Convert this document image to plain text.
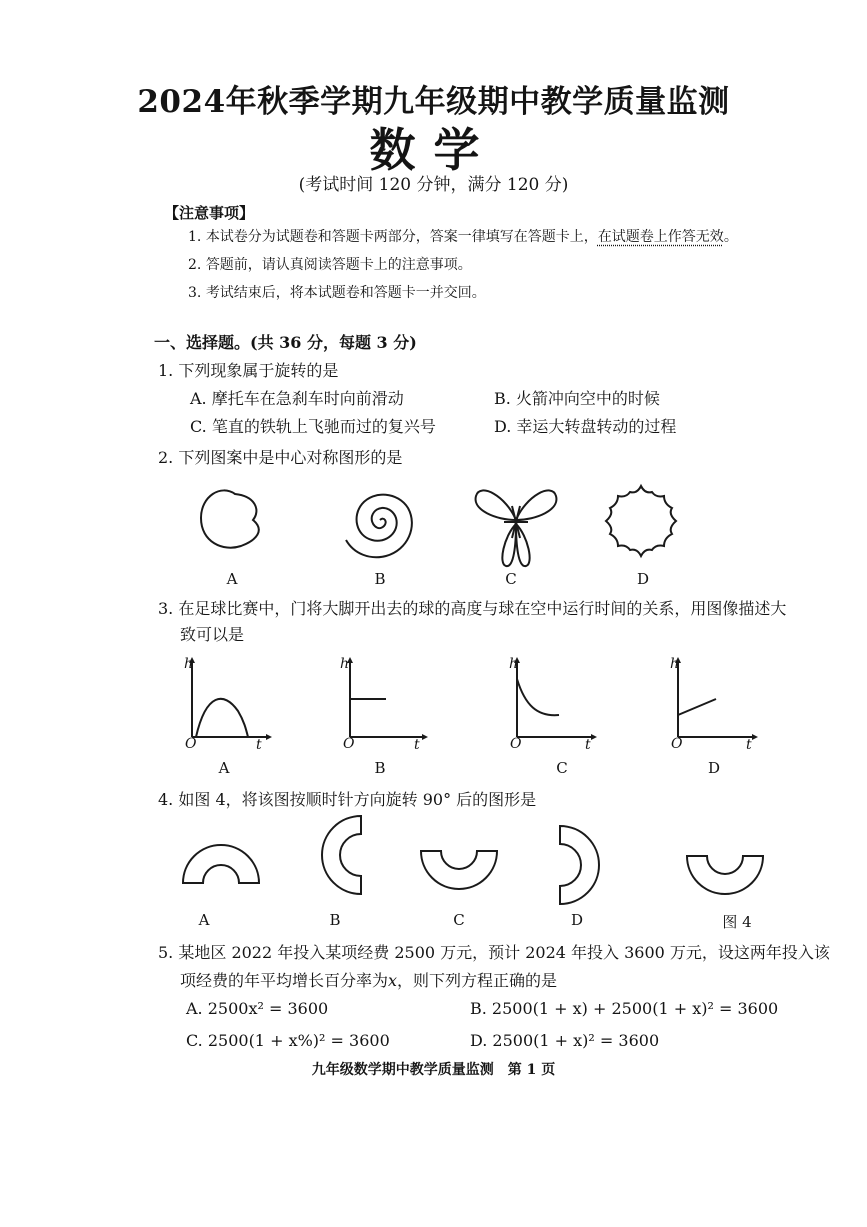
2024年秋季学期九年级期中教学质量监测
数学
(考试时间 120 分钟，满分 120 分)
【注意事项】
1. 本试卷分为试题卷和答题卡两部分，答案一律填写在答题卡上，在试题卷上作答无效。
2. 答题前，请认真阅读答题卡上的注意事项。
3. 考试结束后，将本试题卷和答题卡一并交回。
一、选择题。(共 36 分，每题 3 分)
1. 下列现象属于旋转的是
A. 摩托车在急刹车时向前滑动	B. 火箭冲向空中的时候
C. 笔直的铁轨上飞驰而过的复兴号	D. 幸运大转盘转动的过程
2. 下列图案中是中心对称图形的是
A	B	C	D
3. 在足球比赛中，门将大脚开出去的球的高度与球在空中运行时间的关系，用图像描述大
致可以是
h
t
O
h
t
O
h
t
O
h
t
O
A	B	C	D
4. 如图 4，将该图按顺时针方向旋转 90° 后的图形是
A	B	C	D	图 4
5. 某地区 2022 年投入某项经费 2500 万元，预计 2024 年投入 3600 万元，设这两年投入该
项经费的年平均增长百分率为x，则下列方程正确的是
A. 2500x² = 3600	B. 2500(1 + x) + 2500(1 + x)² = 3600
C. 2500(1 + x%)² = 3600	D. 2500(1 + x)² = 3600
九年级数学期中教学质量监测　第 1 页
